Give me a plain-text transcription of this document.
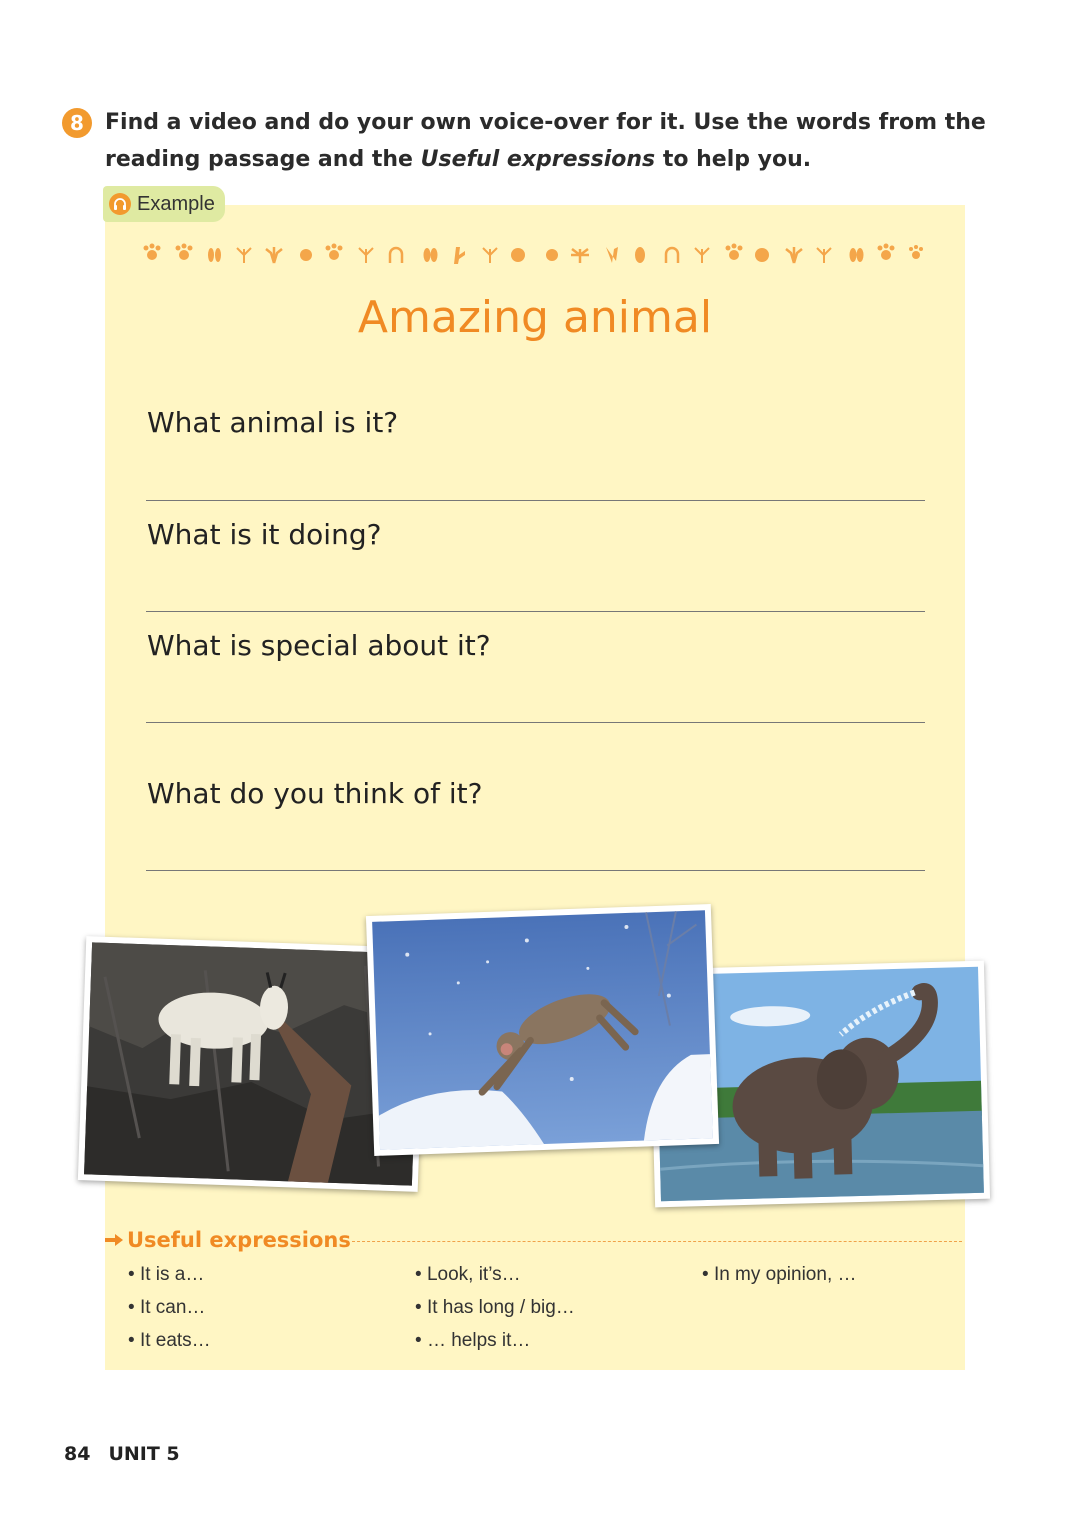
8 Find a video and do your own voice-over for it. Use the words from the
reading passage and the Useful expressions to help you.
Example
Amazing animal
What animal is it?
What is it doing?
What is special about it?
What do you think of it?
Useful expressions
• It is a…
• It can…
• It eats…
• Look, it’s…
• It has long / big…
• … helps it…
• In my opinion, …
84 UNIT 5
